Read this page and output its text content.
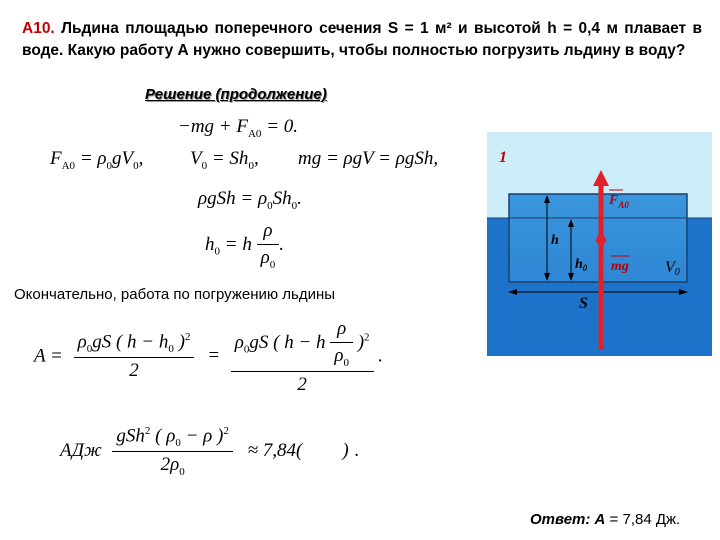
А10. Льдина площадью поперечного сечения S = 1 м² и высотой h = 0,4 м плавает в воде. Какую работу А нужно совершить, чтобы полностью погрузить льдину в воду?
Решение (продолжение)
$-mg + F_{A0} = 0$.
$F_{A0} = \rho_0gV_0$, $V_0 = Sh_0$, mg = ρgV = ρgSh,
$\rho gSh = \rho_0Sh_0$.
$h_0 = h \frac{\rho}{\rho_0}$ .
Окончательно, работа по погружению льдины
$A = \frac{\rho_0gS ( h - h_0 )^2}{2} = \frac{\rho_0gS ( h - h \frac{\rho}{\rho_0} )^2}{2}$ .
АДж $\frac{gSh^2 ( \rho_0 - \rho )^2}{2\rho_0} \approx 7,84$( ) .
1
$F_{A0}$
mg
h
$h_0$	V0
S
Ответ: А = 7,84 Дж.
